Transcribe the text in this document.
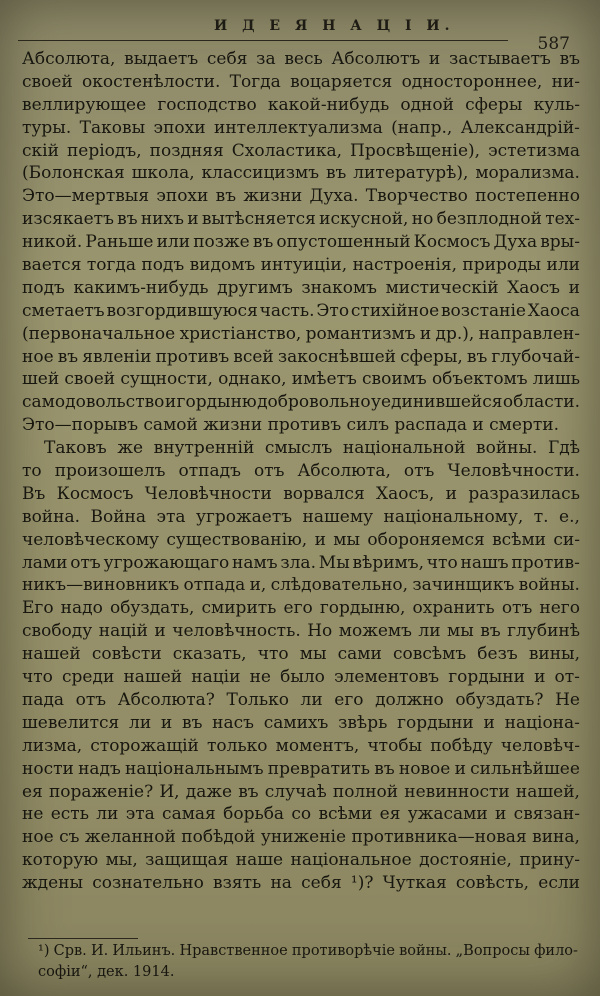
И Д Е Я Н А Ц І И.
587
Абсолюта, выдаетъ себя за весь Абсолютъ и застываетъ въ
своей окостенѣлости. Тогда воцаряется одностороннее, ни-
веллирующее господство какой-нибудь одной сферы куль-
туры. Таковы эпохи интеллектуализма (напр., Александрій-
скій періодъ, поздняя Схоластика, Просвѣщеніе), эстетизма
(Болонская школа, классицизмъ въ литературѣ), морализма.
Это—мертвыя эпохи въ жизни Духа. Творчество постепенно
изсякаетъ въ нихъ и вытѣсняется искусной, но безплодной тех-
никой. Раньше или позже въ опустошенный Космосъ Духа вры-
вается тогда подъ видомъ интуиціи, настроенія, природы или
подъ какимъ-нибудь другимъ знакомъ мистическій Хаосъ и
сметаетъ возгордившуюся часть. Это стихійное возстаніе Хаоса
(первоначальное христіанство, романтизмъ и др.), направлен-
ное въ явленіи противъ всей закоснѣвшей сферы, въ глубочай-
шей своей сущности, однако, имѣетъ своимъ объектомъ лишь
самодовольство и гордыню добровольно уединившейся области.
Это—порывъ самой жизни противъ силъ распада и смерти.
Таковъ же внутренній смыслъ національной войны. Гдѣ
то произошелъ отпадъ отъ Абсолюта, отъ Человѣчности.
Въ Космосъ Человѣчности ворвался Хаосъ, и разразилась
война. Война эта угрожаетъ нашему національному, т. е.,
человѣческому существованію, и мы обороняемся всѣми си-
лами отъ угрожающаго намъ зла. Мы вѣримъ, что нашъ против-
никъ—виновникъ отпада и, слѣдовательно, зачинщикъ войны.
Его надо обуздать, смирить его гордыню, охранить отъ него
свободу націй и человѣчность. Но можемъ ли мы въ глубинѣ
нашей совѣсти сказать, что мы сами совсѣмъ безъ вины,
что среди нашей націи не было элементовъ гордыни и от-
пада отъ Абсолюта? Только ли его должно обуздать? Не
шевелится ли и въ насъ самихъ звѣрь гордыни и націона-
лизма, сторожащій только моментъ, чтобы побѣду человѣч-
ности надъ національнымъ превратить въ новое и сильнѣйшее
ея пораженіе? И, даже въ случаѣ полной невинности нашей,
не есть ли эта самая борьба со всѣми ея ужасами и связан-
ное съ желанной побѣдой униженіе противника—новая вина,
которую мы, защищая наше національное достояніе, прину-
ждены сознательно взять на себя ¹)? Чуткая совѣсть, если
¹) Срв. И. Ильинъ. Нравственное противорѣчіе войны. „Вопросы фило-
софіи“, дек. 1914.
